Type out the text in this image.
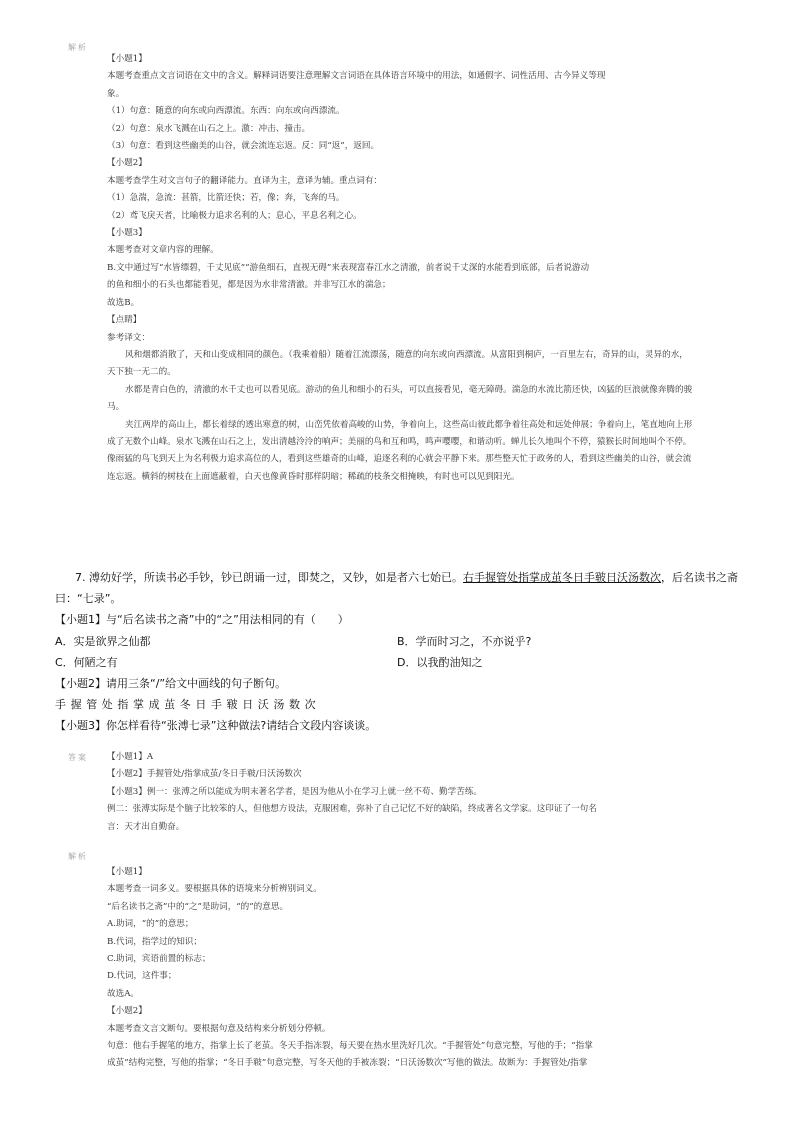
解析
【小题1】
本题考查重点文言词语在文中的含义。解释词语要注意理解文言词语在具体语言环境中的用法，如通假字、词性活用、古今异义等现
象。
（1）句意：随意的向东或向西漂流。东西：向东或向西漂流。
（2）句意：泉水飞溅在山石之上。激：冲击、撞击。
（3）句意：看到这些幽美的山谷，就会流连忘返。反：同“返”，返回。
【小题2】
本题考查学生对文言句子的翻译能力。直译为主，意译为辅。重点词有：
（1）急湍，急流：甚箭，比箭还快；若，像；奔，飞奔的马。
（2）鸢飞戾天者，比喻极力追求名利的人；息心，平息名利之心。
【小题3】
本题考查对文章内容的理解。
B.文中通过写“水皆缥碧，千丈见底”“游鱼细石，直视无碍”来表现富春江水之清澈，前者说千丈深的水能看到底部，后者说游动
的鱼和细小的石头也都能看见，都是因为水非常清澈。并非写江水的湍急；
故选B。
【点睛】
参考译文：
风和烟都消散了，天和山变成相同的颜色。（我乘着船）随着江流漂荡，随意的向东或向西漂流。从富阳到桐庐，一百里左右，奇异的山，灵异的水，天下独一无二的。
水都是青白色的，清澈的水千丈也可以看见底。游动的鱼儿和细小的石头，可以直接看见，毫无障碍。湍急的水流比箭还快，凶猛的巨浪就像奔腾的骏马。
夹江两岸的高山上，都长着绿的透出寒意的树，山峦凭依着高峻的山势，争着向上，这些高山彼此都争着往高处和远处伸展；争着向上，笔直地向上形成了无数个山峰。泉水飞溅在山石之上，发出清越泠泠的响声；美丽的鸟和互和鸣，鸣声嘤嘤，和谐动听。蝉儿长久地叫个不停，猿猴长时间地叫个不停。像雨猛的鸟飞到天上为名利极力追求高位的人，看到这些雄奇的山峰，追逐名利的心就会平静下来。那些整天忙于政务的人，看到这些幽美的山谷，就会流连忘返。横斜的树枝在上面遮蔽着，白天也像黄昏时那样阴暗；稀疏的枝条交相掩映，有时也可以见到阳光。
7. 溥幼好学，所读书必手钞，钞已朗诵一过，即焚之，又钞，如是者六七始已。右手握管处指掌成茧冬日手皲日沃汤数次，后名读书之斋
曰：“七录”。
【小题1】与“后名读书之斋”中的“之”用法相同的有（　　）
A．实是欲界之仙都	B．学而时习之，不亦说乎?
C．何陋之有	D．以我酌油知之
【小题2】请用三条“/”给文中画线的句子断句。
手握管处指掌成茧冬日手皲日沃汤数次
【小题3】你怎样看待“张溥七录”这种做法?请结合文段内容谈谈。
答案 【小题1】A
【小题2】手握管处/指掌成茧/冬日手皲/日沃汤数次
【小题3】例一：张溥之所以能成为明末著名学者，是因为他从小在学习上就一丝不苟、勤学苦练。
例二：张溥实际是个脑子比较笨的人，但他想方设法，克服困难，弥补了自己记忆不好的缺陷，终成著名文学家。这印证了一句名
言：天才出自勤奋。
解析
【小题1】
本题考查一词多义。要根据具体的语境来分析辨别词义。
“后名读书之斋”中的“之”是助词，“的”的意思。
A.助词，“的”的意思；
B.代词，指学过的知识；
C.助词，宾语前置的标志；
D.代词，这件事；
故选A。
【小题2】
本题考查文言文断句。要根据句意及结构来分析划分停顿。
句意：他右手握笔的地方，指掌上长了老茧。冬天手指冻裂，每天要在热水里洗好几次。“手握管处”句意完整，写他的手；“指掌
成茧”结构完整，写他的指掌；“冬日手皲”句意完整，写冬天他的手被冻裂；“日沃汤数次”写他的做法。故断为：手握管处/指掌
